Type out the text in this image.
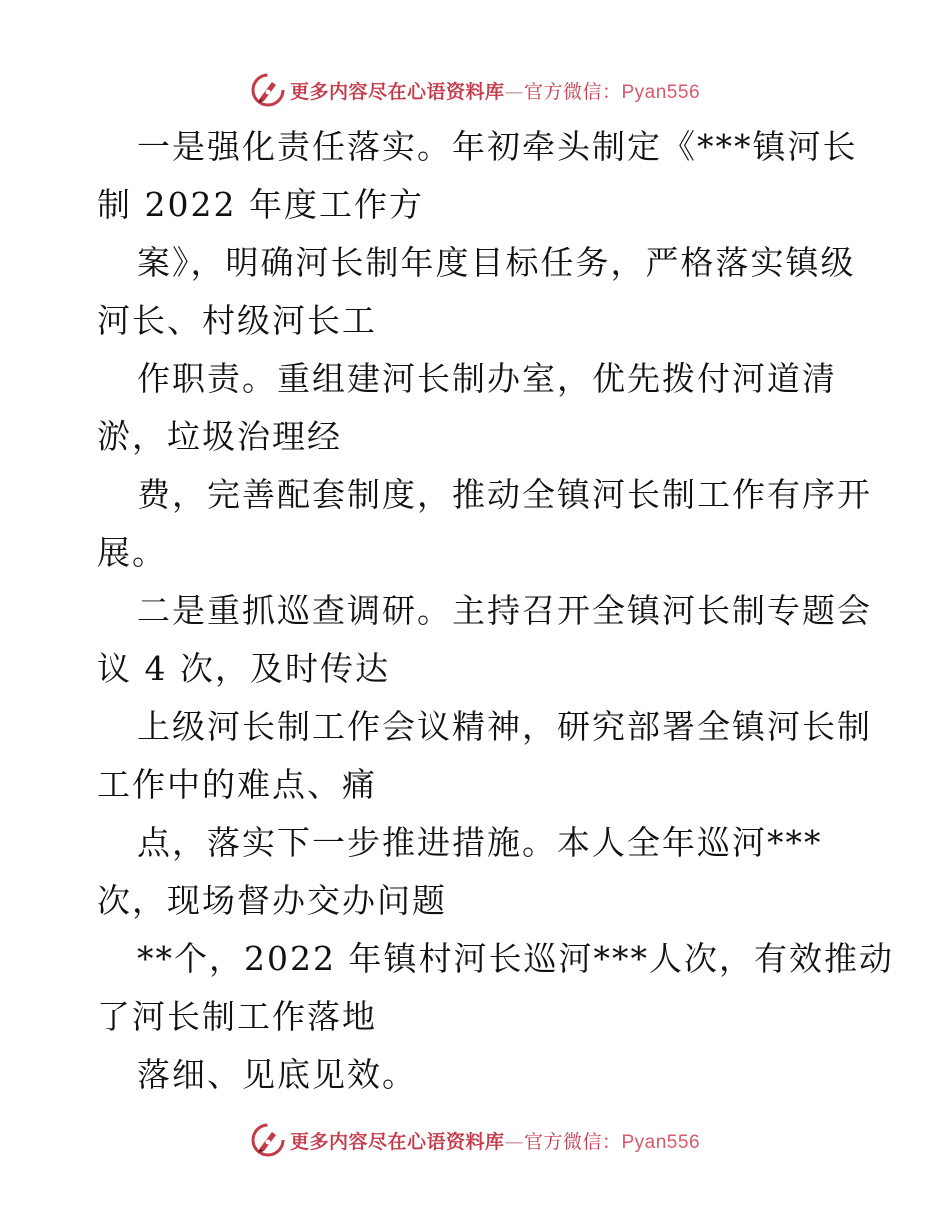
更多内容尽在心语资料库—官方微信：Pyan556
一是强化责任落实。年初牵头制定《***镇河长
制 2022 年度工作方
案》，明确河长制年度目标任务，严格落实镇级
河长、村级河长工
作职责。重组建河长制办室，优先拨付河道清
淤，垃圾治理经
费，完善配套制度，推动全镇河长制工作有序开
展。
二是重抓巡查调研。主持召开全镇河长制专题会
议 4 次，及时传达
上级河长制工作会议精神，研究部署全镇河长制
工作中的难点、痛
点，落实下一步推进措施。本人全年巡河***
次，现场督办交办问题
**个，2022 年镇村河长巡河***人次，有效推动
了河长制工作落地
落细、见底见效。
更多内容尽在心语资料库—官方微信：Pyan556
